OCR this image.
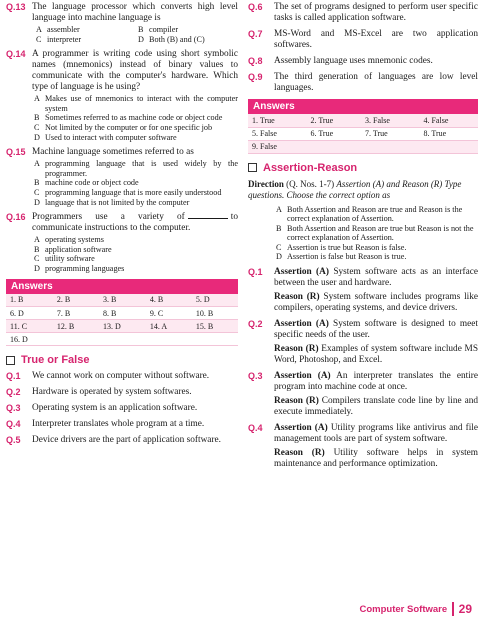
Q.13 The language processor which converts high level language into machine language is
A assembler	B compiler
C interpreter	D Both (B) and (C)
Q.14 A programmer is writing code using short symbolic names (mnemonics) instead of binary values to communicate with the computer's hardware. Which type of language is he using?
A Makes use of mnemonics to interact with the computer system
B Sometimes referred to as machine code or object code
C Not limited by the computer or for one specific job
D Used to interact with computer software
Q.15 Machine language sometimes referred to as
A programming language that is used widely by the programmer.
B machine code or object code
C programming language that is more easily understood
D language that is not limited by the computer
Q.16 Programmers use a variety of	to communicate instructions to the computer.
A operating systems
B application software
C utility software
D programming languages
Answers
1. B	2. B	3. B	4. B	5. D
6. D	7. B	8. B	9. C	10. B
11. C	12. B	13. D	14. A	15. B
16. D				
True or False
Q.1	We cannot work on computer without software.
Q.2	Hardware is operated by system softwares.
Q.3	Operating system is an application software.
Q.4	Interpreter translates whole program at a time.
Q.5	Device drivers are the part of application software.
Q.6	The set of programs designed to perform user specific tasks is called application software.
Q.7	MS-Word and MS-Excel are two application softwares.
Q.8	Assembly language uses mnemonic codes.
Q.9	The third generation of languages are low level languages.
Answers
1. True	2. True	3. False	4. False
5. False	6. True	7. True	8. True
9. False			
Assertion-Reason
Direction (Q. Nos. 1-7) Assertion (A) and Reason (R) Type questions. Choose the correct option as
A Both Assertion and Reason are true and Reason is the correct explanation of Assertion.
B Both Assertion and Reason are true but Reason is not the correct explanation of Assertion.
C Assertion is true but Reason is false.
D Assertion is false but Reason is true.
Q.1	Assertion (A) System software acts as an interface between the user and hardware.
Reason (R) System software includes programs like compilers, operating systems, and device drivers.
Q.2	Assertion (A) System software is designed to meet specific needs of the user.
Reason (R) Examples of system software include MS Word, Photoshop, and Excel.
Q.3	Assertion (A) An interpreter translates the entire program into machine code at once.
Reason (R) Compilers translate code line by line and execute immediately.
Q.4	Assertion (A) Utility programs like antivirus and file management tools are part of system software.
Reason (R) Utility software helps in system maintenance and performance optimization.
Computer Software 29
